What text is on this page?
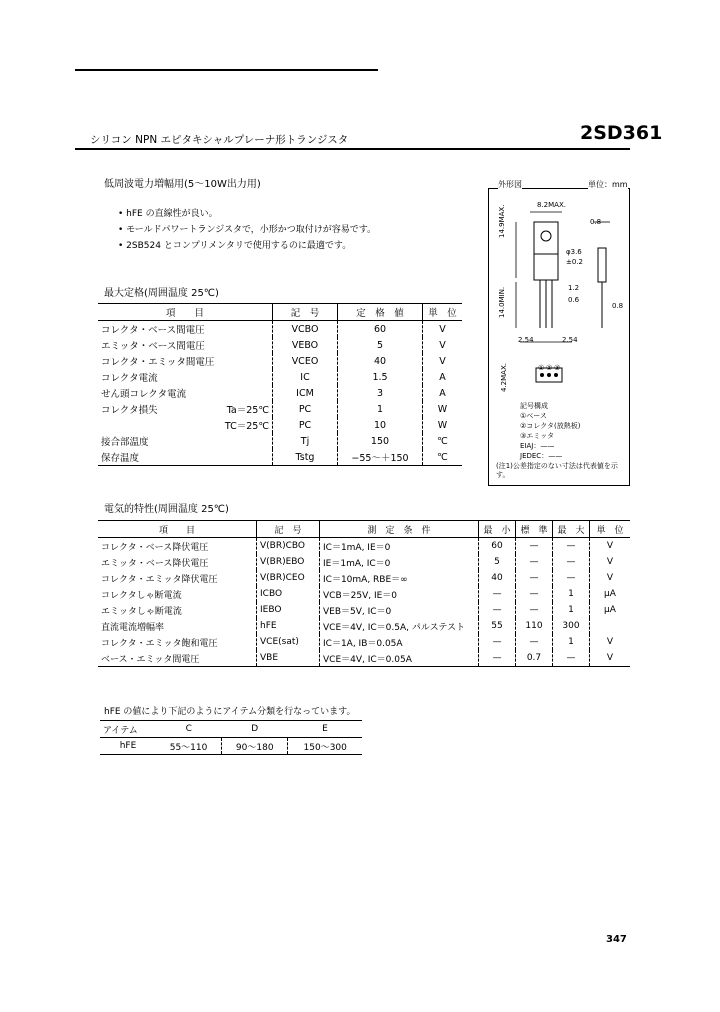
シリコン NPN エピタキシャルプレーナ形トランジスタ	2SD361
低周波電力増幅用(5～10W出力用)
• hFE の直線性が良い。
• モールドパワートランジスタで，小形かつ取付けが容易です。
• 2SB524 とコンプリメンタリで使用するのに最適です。
外形図	単位：mm
8.2MAX.
14.9MAX.
14.0MIN.
φ3.6
±0.2
0.8
1.2
0.6
0.8
2.54	2.54
4.2MAX.	① ② ③
記号構成
①ベース
②コレクタ(放熱板)
③エミッタ
EIAJ：——
JEDEC：——
(注1)公差指定のない寸法は代表値を示す。
最大定格(周囲温度 25℃)
項　　目	記　号	定　格　値	単　位
コレクタ・ベース間電圧	VCBO	60	V
エミッタ・ベース間電圧	VEBO	5	V
コレクタ・エミッタ間電圧	VCEO	40	V
コレクタ電流	IC	1.5	A
せん頭コレクタ電流	ICM	3	A
コレクタ損失 Ta＝25℃	PC	1	W

TC＝25℃	PC	10	W
接合部温度	Tj	150	℃
保存温度	Tstg	−55～＋150	℃
電気的特性(周囲温度 25℃)
項　　目	記　号	測　定　条　件	最　小	標　準	最　大	単　位
コレクタ・ベース降伏電圧	V(BR)CBO	IC＝1mA, IE＝0	60	—	—	V
エミッタ・ベース降伏電圧	V(BR)EBO	IE＝1mA, IC＝0	5	—	—	V
コレクタ・エミッタ降伏電圧	V(BR)CEO	IC＝10mA, RBE＝∞	40	—	—	V
コレクタしゃ断電流	ICBO	VCB＝25V, IE＝0	—	—	1	μA
エミッタしゃ断電流	IEBO	VEB＝5V, IC＝0	—	—	1	μA
直流電流増幅率	hFE	VCE＝4V, IC＝0.5A, パルステスト	55	110	300	
コレクタ・エミッタ飽和電圧	VCE(sat)	IC＝1A, IB＝0.05A	—	—	1	V
ベース・エミッタ間電圧	VBE	VCE＝4V, IC＝0.05A	—	0.7	—	V
hFE の値により下記のようにアイテム分類を行なっています。
アイテム	C	D	E
hFE	55～110	90～180	150～300
347
